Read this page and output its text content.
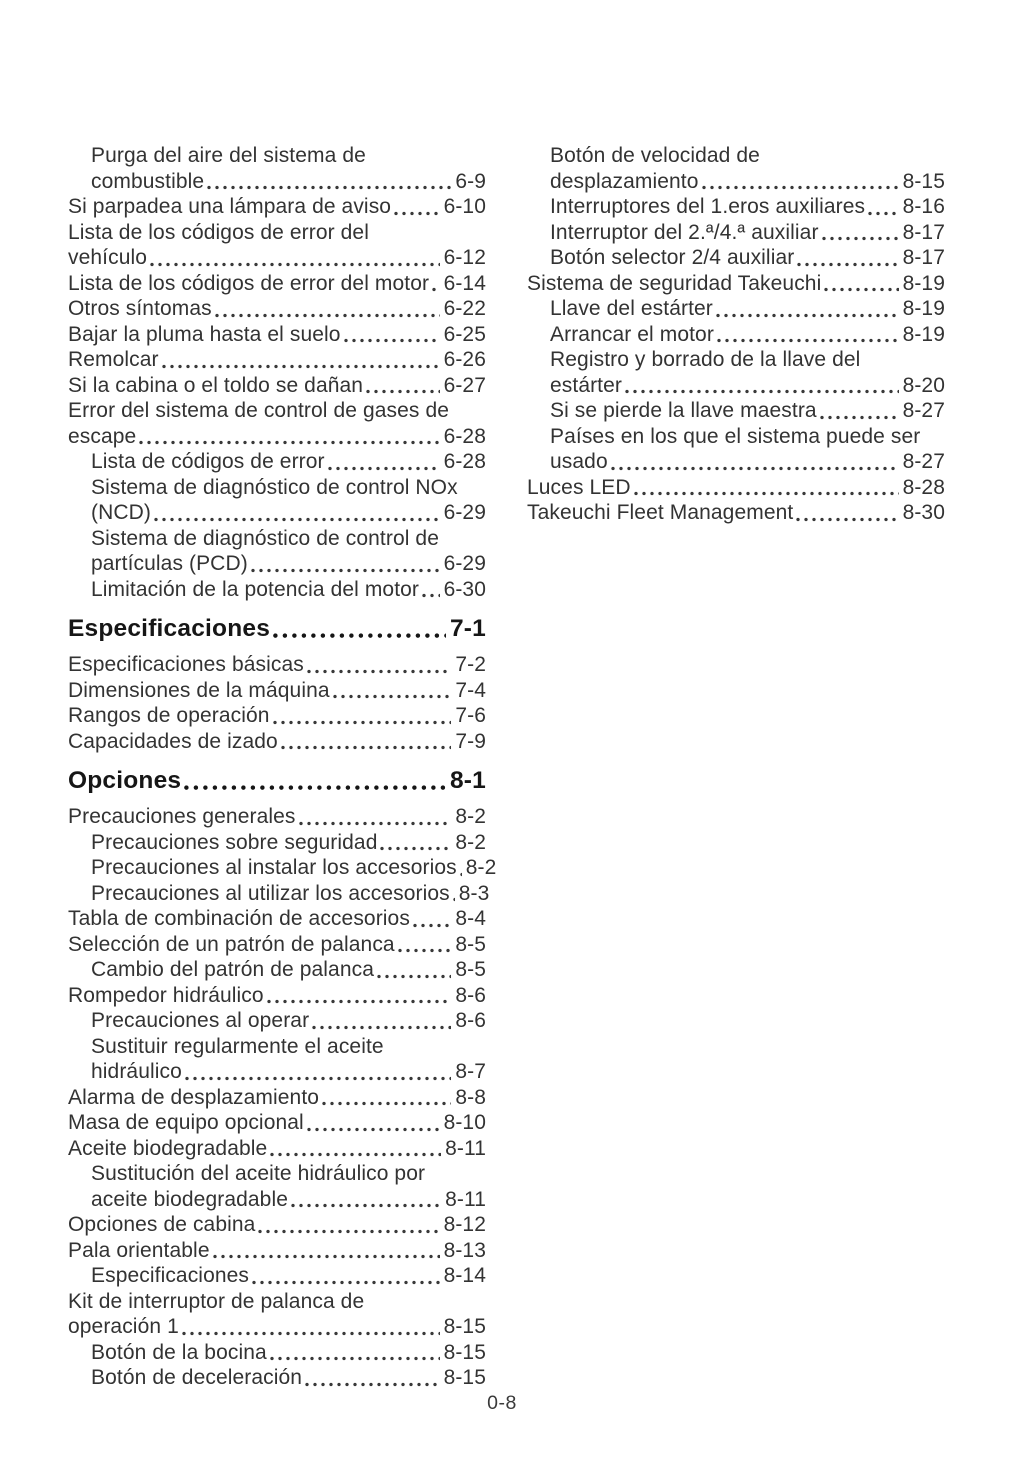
Purga del aire del sistema de
combustible	6-9
Si parpadea una lámpara de aviso 6-10
Lista de los códigos de error del
vehículo	6-12
Lista de los códigos de error del motor 6-14
Otros síntomas	6-22
Bajar la pluma hasta el suelo	6-25
Remolcar	6-26
Si la cabina o el toldo se dañan	6-27
Error del sistema de control de gases de
escape	6-28
Lista de códigos de error	6-28
Sistema de diagnóstico de control NOx
(NCD)	6-29
Sistema de diagnóstico de control de
partículas (PCD)	6-29
Limitación de la potencia del motor 6-30
Especificaciones	7-1
Especificaciones básicas	7-2
Dimensiones de la máquina	7-4
Rangos de operación	7-6
Capacidades de izado	7-9
Opciones	8-1
Precauciones generales	8-2
Precauciones sobre seguridad	8-2
Precauciones al instalar los accesorios 8-2
Precauciones al utilizar los accesorios 8-3
Tabla de combinación de accesorios 8-4
Selección de un patrón de palanca	8-5
Cambio del patrón de palanca	8-5
Rompedor hidráulico	8-6
Precauciones al operar	8-6
Sustituir regularmente el aceite
hidráulico	8-7
Alarma de desplazamiento	8-8
Masa de equipo opcional	8-10
Aceite biodegradable	8-11
Sustitución del aceite hidráulico por
aceite biodegradable	8-11
Opciones de cabina	8-12
Pala orientable	8-13
Especificaciones	8-14
Kit de interruptor de palanca de
operación 1	8-15
Botón de la bocina	8-15
Botón de deceleración	8-15
Botón de velocidad de
desplazamiento	8-15
Interruptores del 1.eros auxiliares 8-16
Interruptor del 2.ª/4.ª auxiliar	8-17
Botón selector 2/4 auxiliar	8-17
Sistema de seguridad Takeuchi	8-19
Llave del estárter	8-19
Arrancar el motor	8-19
Registro y borrado de la llave del
estárter	8-20
Si se pierde la llave maestra	8-27
Países en los que el sistema puede ser
usado	8-27
Luces LED	8-28
Takeuchi Fleet Management	8-30
0-8
